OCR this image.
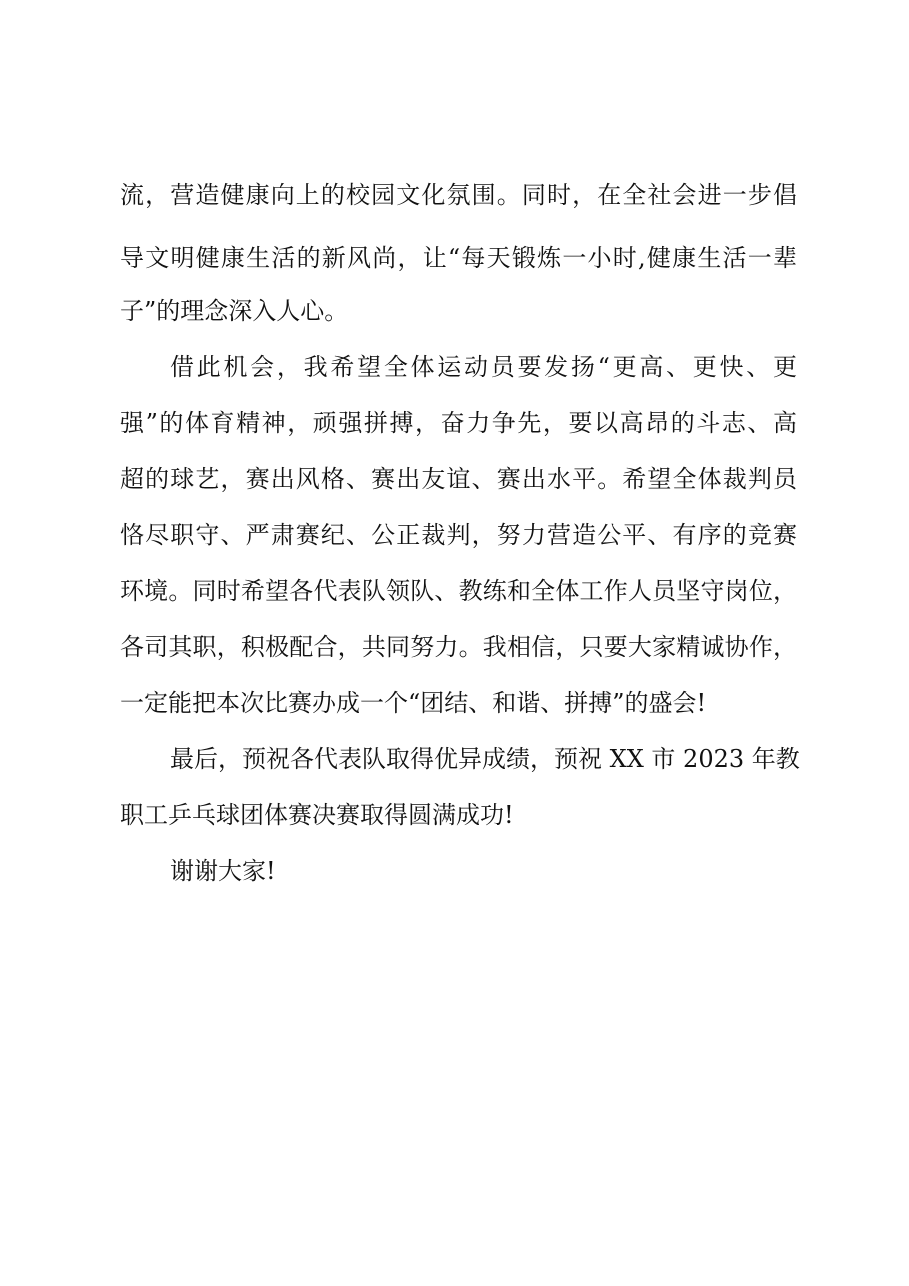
流，营造健康向上的校园文化氛围。同时，在全社会进一步倡
导文明健康生活的新风尚，让“每天锻炼一小时,健康生活一辈
子”的理念深入人心。
借此机会，我希望全体运动员要发扬“更高、更快、更
强”的体育精神，顽强拼搏，奋力争先，要以高昂的斗志、高
超的球艺，赛出风格、赛出友谊、赛出水平。希望全体裁判员
恪尽职守、严肃赛纪、公正裁判，努力营造公平、有序的竞赛
环境。同时希望各代表队领队、教练和全体工作人员坚守岗位，
各司其职，积极配合，共同努力。我相信，只要大家精诚协作，
一定能把本次比赛办成一个“团结、和谐、拼搏”的盛会!
最后，预祝各代表队取得优异成绩，预祝 XX 市 2023 年教
职工乒乓球团体赛决赛取得圆满成功!
谢谢大家!
